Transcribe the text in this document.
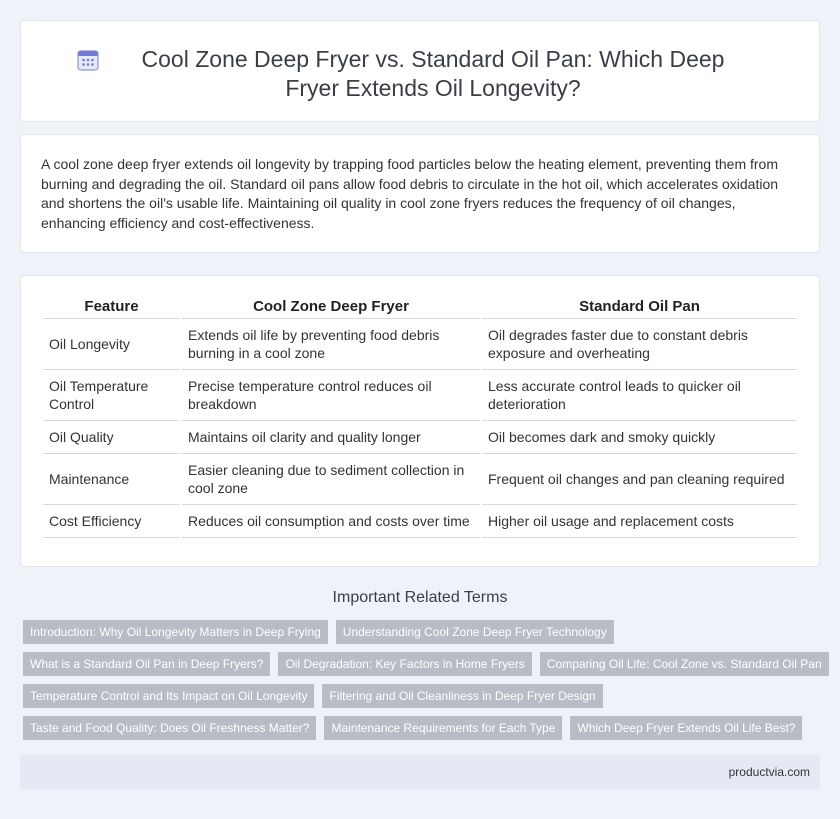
Cool Zone Deep Fryer vs. Standard Oil Pan: Which Deep Fryer Extends Oil Longevity?

A cool zone deep fryer extends oil longevity by trapping food particles below the heating element, preventing them from burning and degrading the oil. Standard oil pans allow food debris to circulate in the hot oil, which accelerates oxidation and shortens the oil's usable life. Maintaining oil quality in cool zone fryers reduces the frequency of oil changes, enhancing efficiency and cost-effectiveness.

Feature	Cool Zone Deep Fryer	Standard Oil Pan
Oil Longevity	Extends oil life by preventing food debris burning in a cool zone	Oil degrades faster due to constant debris exposure and overheating
Oil Temperature Control	Precise temperature control reduces oil breakdown	Less accurate control leads to quicker oil deterioration
Oil Quality	Maintains oil clarity and quality longer	Oil becomes dark and smoky quickly
Maintenance	Easier cleaning due to sediment collection in cool zone	Frequent oil changes and pan cleaning required
Cost Efficiency	Reduces oil consumption and costs over time	Higher oil usage and replacement costs
Important Related Terms
Introduction: Why Oil Longevity Matters in Deep Frying	Understanding Cool Zone Deep Fryer Technology
What is a Standard Oil Pan in Deep Fryers?	Oil Degradation: Key Factors in Home Fryers	Comparing Oil Life: Cool Zone vs. Standard Oil Pan
Temperature Control and Its Impact on Oil Longevity	Filtering and Oil Cleanliness in Deep Fryer Design
Taste and Food Quality: Does Oil Freshness Matter?	Maintenance Requirements for Each Type	Which Deep Fryer Extends Oil Life Best?
productvia.com
